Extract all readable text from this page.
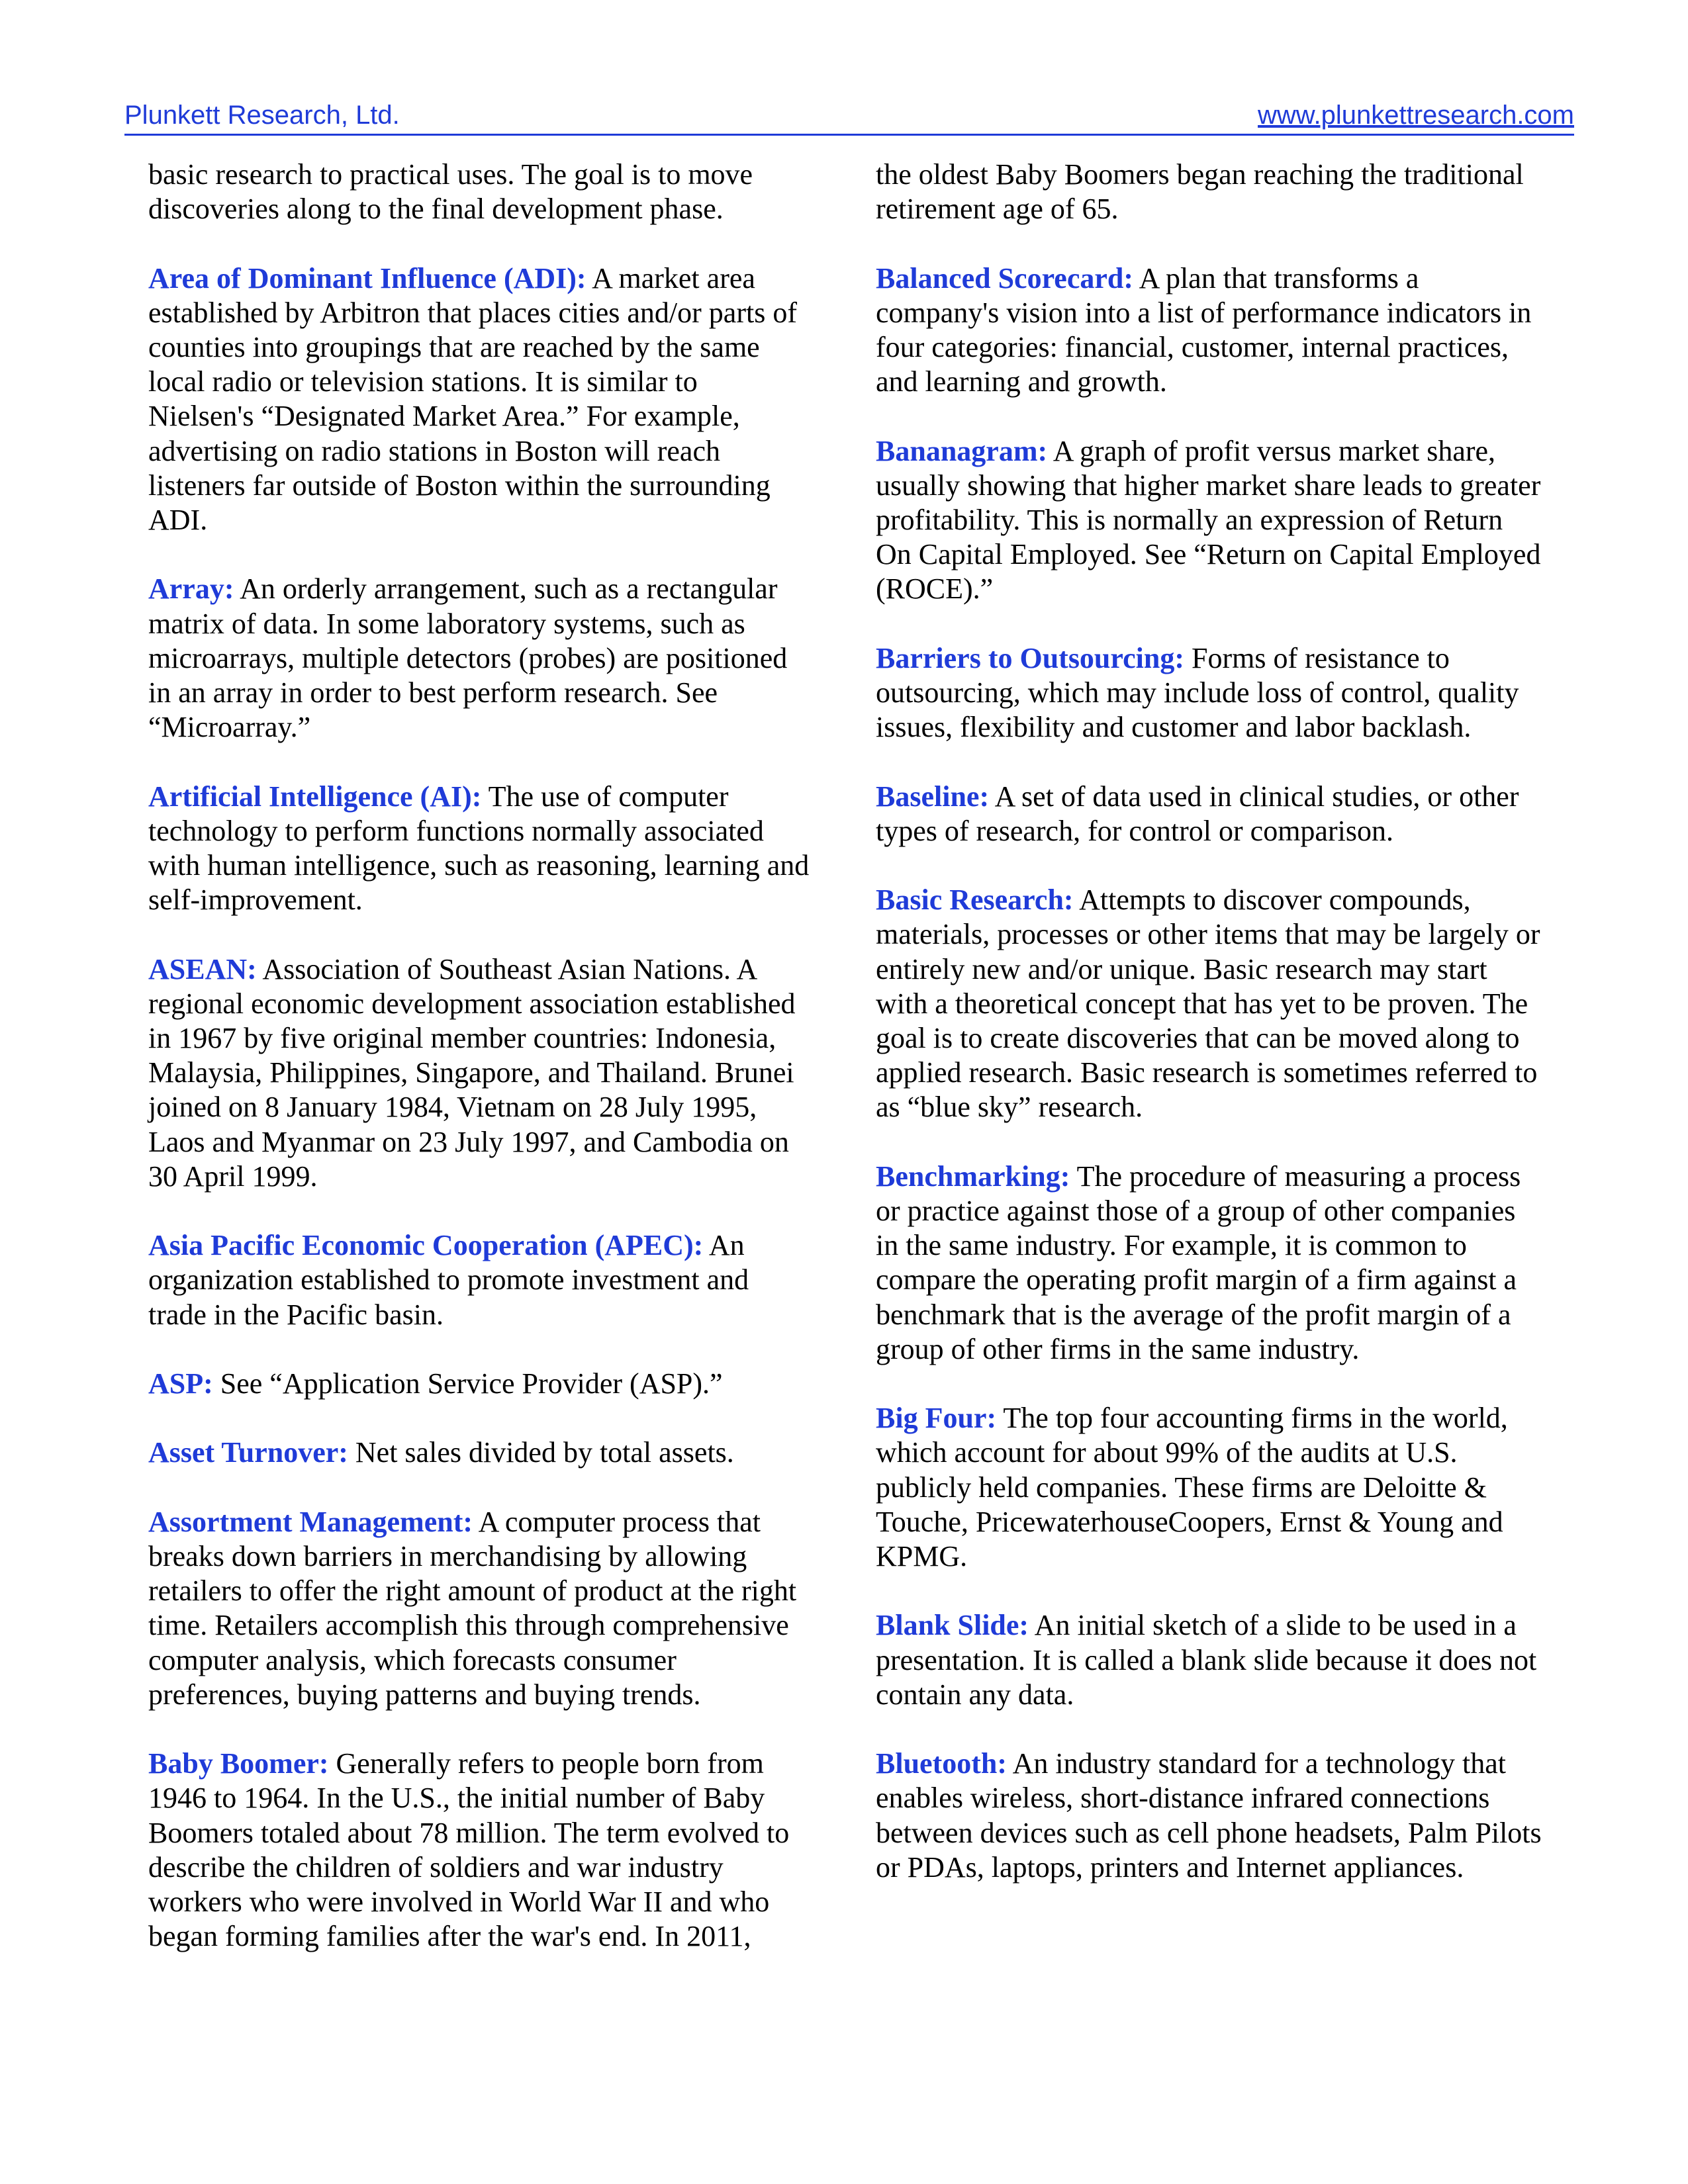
Plunkett Research, Ltd.	www.plunkettresearch.com

basic research to practical uses. The goal is to move discoveries along to the final development phase.

Area of Dominant Influence (ADI): A market area established by Arbitron that places cities and/or parts of counties into groupings that are reached by the same local radio or television stations. It is similar to Nielsen's “Designated Market Area.” For example, advertising on radio stations in Boston will reach listeners far outside of Boston within the surrounding ADI.

Array: An orderly arrangement, such as a rectangular matrix of data. In some laboratory systems, such as microarrays, multiple detectors (probes) are positioned in an array in order to best perform research. See “Microarray.”

Artificial Intelligence (AI): The use of computer technology to perform functions normally associated with human intelligence, such as reasoning, learning and self-improvement.

ASEAN: Association of Southeast Asian Nations. A regional economic development association established in 1967 by five original member countries: Indonesia, Malaysia, Philippines, Singapore, and Thailand. Brunei joined on 8 January 1984, Vietnam on 28 July 1995, Laos and Myanmar on 23 July 1997, and Cambodia on 30 April 1999.

Asia Pacific Economic Cooperation (APEC): An organization established to promote investment and trade in the Pacific basin.

ASP: See “Application Service Provider (ASP).”

Asset Turnover: Net sales divided by total assets.

Assortment Management: A computer process that breaks down barriers in merchandising by allowing retailers to offer the right amount of product at the right time. Retailers accomplish this through comprehensive computer analysis, which forecasts consumer preferences, buying patterns and buying trends.

Baby Boomer: Generally refers to people born from 1946 to 1964. In the U.S., the initial number of Baby Boomers totaled about 78 million. The term evolved to describe the children of soldiers and war industry workers who were involved in World War II and who began forming families after the war's end. In 2011,

the oldest Baby Boomers began reaching the traditional retirement age of 65.

Balanced Scorecard: A plan that transforms a company's vision into a list of performance indicators in four categories: financial, customer, internal practices, and learning and growth.

Bananagram: A graph of profit versus market share, usually showing that higher market share leads to greater profitability. This is normally an expression of Return On Capital Employed. See “Return on Capital Employed (ROCE).”

Barriers to Outsourcing: Forms of resistance to outsourcing, which may include loss of control, quality issues, flexibility and customer and labor backlash.

Baseline: A set of data used in clinical studies, or other types of research, for control or comparison.

Basic Research: Attempts to discover compounds, materials, processes or other items that may be largely or entirely new and/or unique. Basic research may start with a theoretical concept that has yet to be proven. The goal is to create discoveries that can be moved along to applied research. Basic research is sometimes referred to as “blue sky” research.

Benchmarking: The procedure of measuring a process or practice against those of a group of other companies in the same industry. For example, it is common to compare the operating profit margin of a firm against a benchmark that is the average of the profit margin of a group of other firms in the same industry.

Big Four: The top four accounting firms in the world, which account for about 99% of the audits at U.S. publicly held companies. These firms are Deloitte & Touche, PricewaterhouseCoopers, Ernst & Young and KPMG.

Blank Slide: An initial sketch of a slide to be used in a presentation. It is called a blank slide because it does not contain any data.

Bluetooth: An industry standard for a technology that enables wireless, short-distance infrared connections between devices such as cell phone headsets, Palm Pilots or PDAs, laptops, printers and Internet appliances.
